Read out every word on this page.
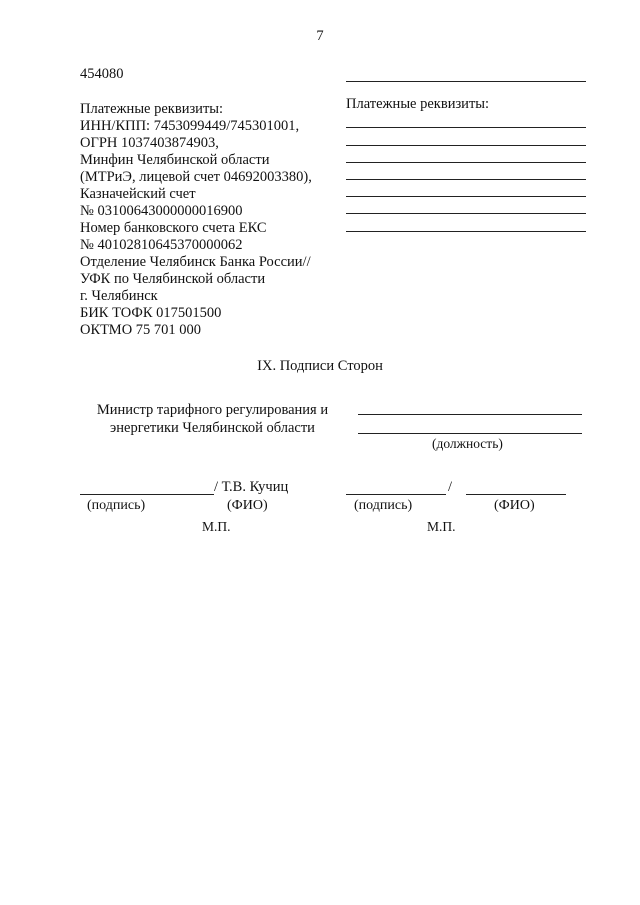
7
454080
Платежные реквизиты:
ИНН/КПП: 7453099449/745301001,
ОГРН 1037403874903,
Минфин Челябинской области
(МТРиЭ, лицевой счет 04692003380),
Казначейский счет
№ 03100643000000016900
Номер банковского счета ЕКС
№ 40102810645370000062
Отделение Челябинск Банка России//
УФК по Челябинской области
г. Челябинск
БИК ТОФК 017501500
ОКТМО 75 701 000
Платежные реквизиты:
IX. Подписи Сторон
Министр тарифного регулирования и энергетики Челябинской области
(должность)
/ Т.В. Кучиц
(подпись)	(ФИО)
М.П.
/
(подпись)	(ФИО)
М.П.
